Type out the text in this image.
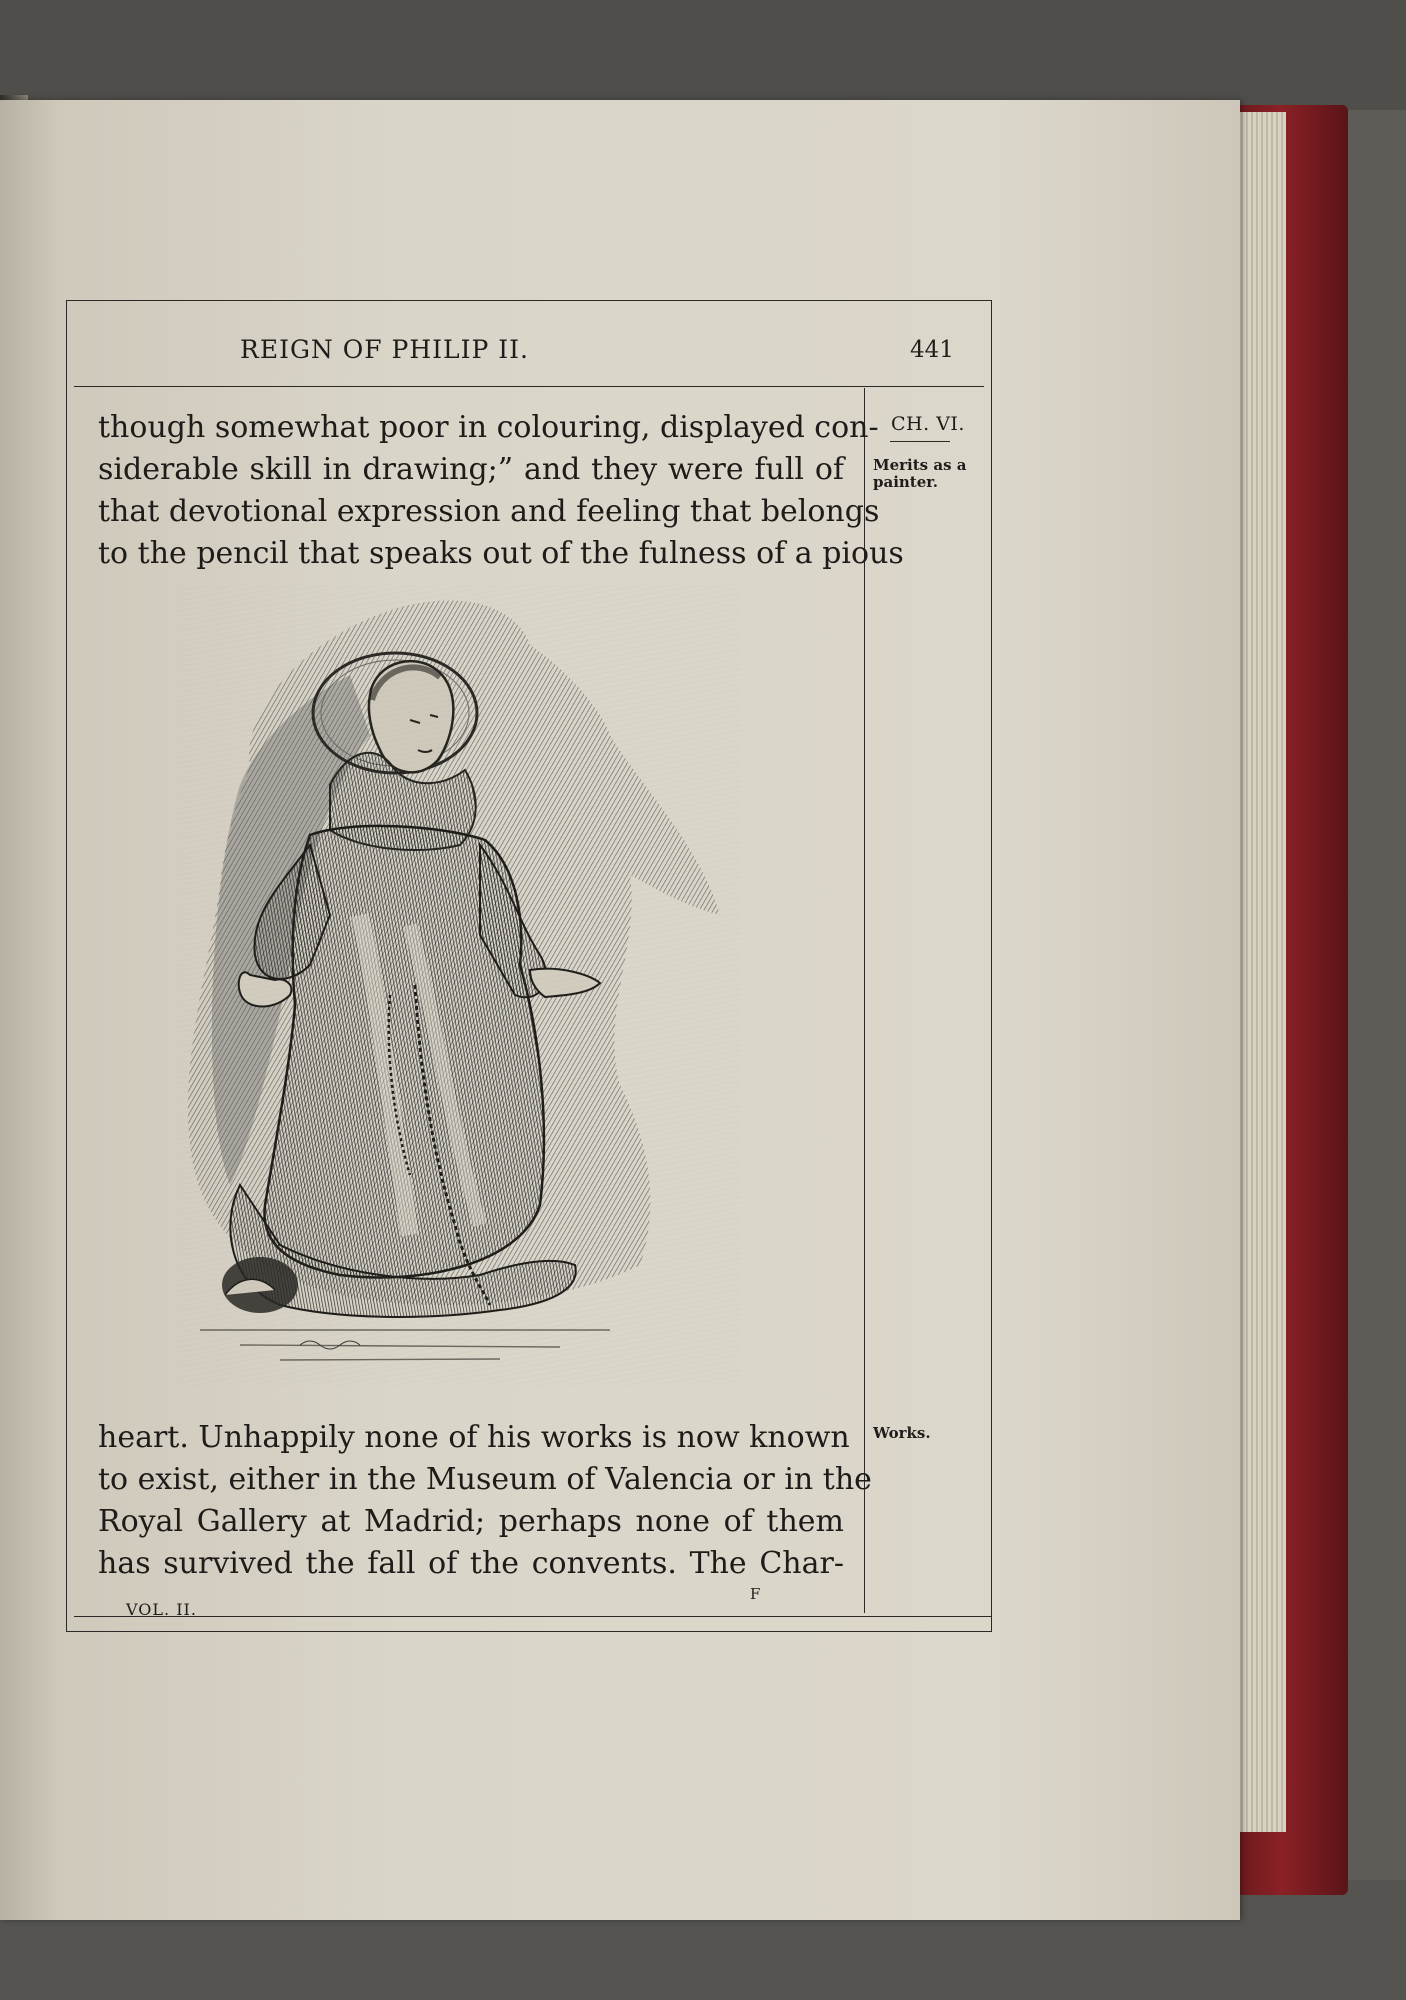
REIGN OF PHILIP II.	441
though somewhat poor in colouring, displayed con-
siderable skill in drawing;” and they were full of
that devotional expression and feeling that belongs
to the pencil that speaks out of the fulness of a pious
CH. VI.
Merits as a painter.
Works.
heart. Unhappily none of his works is now known
to exist, either in the Museum of Valencia or in the
Royal Gallery at Madrid; perhaps none of them
has survived the fall of the convents. The Char-
VOL. II.
F
